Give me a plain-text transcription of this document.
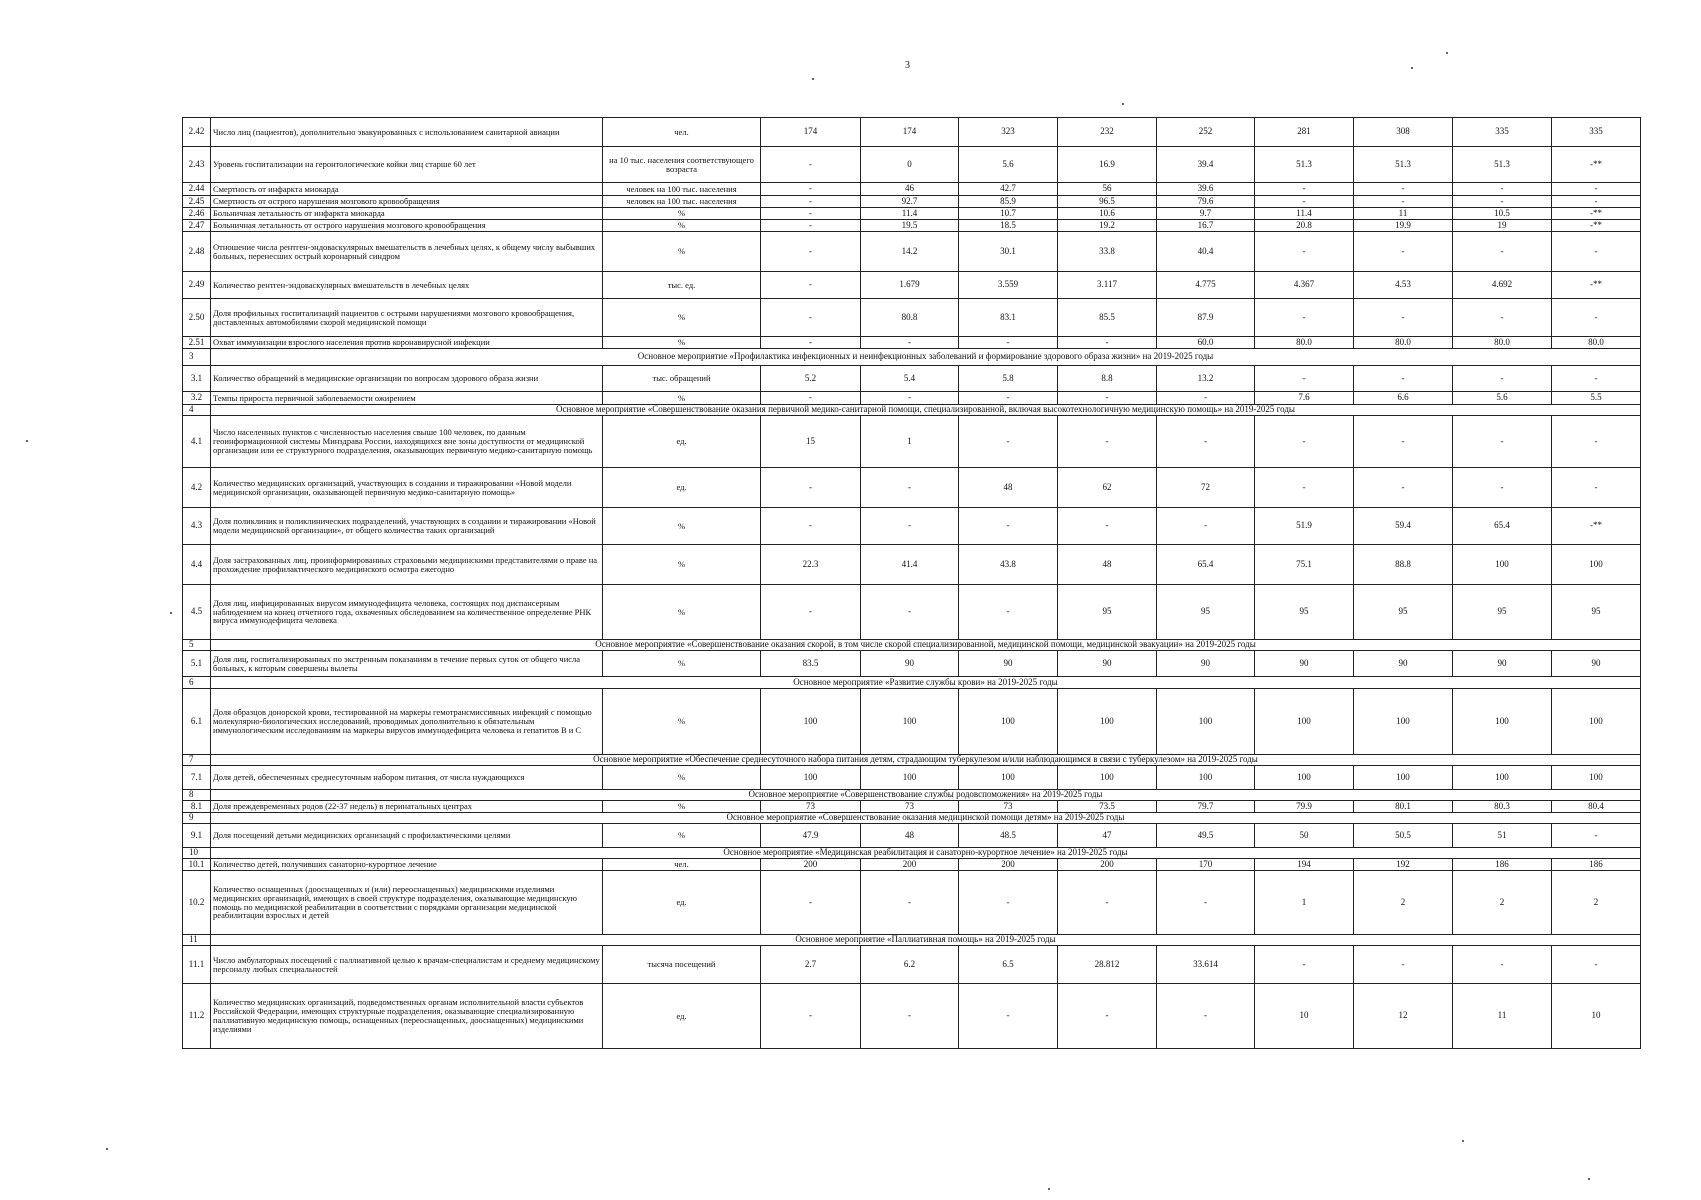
3
2.42	Число лиц (пациентов), дополнительно эвакуированных с использованием санитарной авиации	чел.	174	174	323	232	252	281	308	335	335
2.43	Уровень госпитализации на геронтологические койки лиц старше 60 лет	на 10 тыс. населения соответствующего возраста	-	0	5.6	16.9	39.4	51.3	51.3	51.3	-**
2.44	Смертность от инфаркта миокарда	человек на 100 тыс. населения	-	46	42.7	56	39.6	-	-	-	-
2.45	Смертность от острого нарушения мозгового кровообращения	человек на 100 тыс. населения	-	92.7	85.9	96.5	79.6	-	-	-	-
2.46	Больничная летальность от инфаркта миокарда	%	-	11.4	10.7	10.6	9.7	11.4	11	10.5	-**
2.47	Больничная летальность от острого нарушения мозгового кровообращения	%	-	19.5	18.5	19.2	16.7	20.8	19.9	19	-**
2.48	Отношение числа рентген-эндоваскулярных вмешательств в лечебных целях, к общему числу выбывших больных, перенесших острый коронарный синдром	%	-	14.2	30.1	33.8	40.4	-	-	-	-
2.49	Количество рентген-эндоваскулярных вмешательств в лечебных целях	тыс. ед.	-	1.679	3.559	3.117	4.775	4.367	4.53	4.692	-**
2.50	Доля профильных госпитализаций пациентов с острыми нарушениями мозгового кровообращения, доставленных автомобилями скорой медицинской помощи	%	-	80.8	83.1	85.5	87.9	-	-	-	-
2.51	Охват иммунизации взрослого населения против коронавирусной инфекции	%	-	-	-	-	60.0	80.0	80.0	80.0	80.0
3	Основное мероприятие «Профилактика инфекционных и неинфекционных заболеваний и формирование здорового образа жизни» на 2019-2025 годы										
3.1	Количество обращений в медицинские организации по вопросам здорового образа жизни	тыс. обращений	5.2	5.4	5.8	8.8	13.2	-	-	-	-
3.2	Темпы прироста первичной заболеваемости ожирением	%	-	-	-	-	-	7.6	6.6	5.6	5.5
4	Основное мероприятие «Совершенствование оказания первичной медико-санитарной помощи, специализированной, включая высокотехнологичную медицинскую помощь» на 2019-2025 годы										
4.1	Число населенных пунктов с численностью населения свыше 100 человек, по данным геоинформационной системы Минздрава России, находящихся вне зоны доступности от медицинской организации или ее структурного подразделения, оказывающих первичную медико-санитарную помощь	ед.	15	1	-	-	-	-	-	-	-
4.2	Количество медицинских организаций, участвующих в создании и тиражировании «Новой модели медицинской организации, оказывающей первичную медико-санитарную помощь»	ед.	-	-	48	62	72	-	-	-	-
4.3	Доля поликлиник и поликлинических подразделений, участвующих в создании и тиражировании «Новой модели медицинской организации», от общего количества таких организаций	%	-	-	-	-	-	51.9	59.4	65.4	-**
4.4	Доля застрахованных лиц, проинформированных страховыми медицинскими представителями о праве на прохождение профилактического медицинского осмотра ежегодно	%	22.3	41.4	43.8	48	65.4	75.1	88.8	100	100
4.5	Доля лиц, инфицированных вирусом иммунодефицита человека, состоящих под диспансерным наблюдением на конец отчетного года, охваченных обследованием на количественное определение РНК вируса иммунодефицита человека	%	-	-	-	95	95	95	95	95	95
5	Основное мероприятие «Совершенствование оказания скорой, в том числе скорой специализированной, медицинской помощи, медицинской эвакуации» на 2019-2025 годы										
5.1	Доля лиц, госпитализированных по экстренным показаниям в течение первых суток от общего числа больных, к которым совершены вылеты	%	83.5	90	90	90	90	90	90	90	90
6	Основное мероприятие «Развитие службы крови» на 2019-2025 годы										
6.1	Доля образцов донорской крови, тестированной на маркеры гемотрансмиссивных инфекций с помощью молекулярно-биологических исследований, проводимых дополнительно к обязательным иммунологическим исследованиям на маркеры вирусов иммунодефицита человека и гепатитов В и С	%	100	100	100	100	100	100	100	100	100
7	Основное мероприятие «Обеспечение среднесуточного набора питания детям, страдающим туберкулезом и/или наблюдающимся в связи с туберкулезом» на 2019-2025 годы										
7.1	Доля детей, обеспеченных среднесуточным набором питания, от числа нуждающихся	%	100	100	100	100	100	100	100	100	100
8	Основное мероприятие «Совершенствование службы родовспоможения» на 2019-2025 годы										
8.1	Доля преждевременных родов (22-37 недель) в перинатальных центрах	%	73	73	73	73.5	79.7	79.9	80.1	80.3	80.4
9	Основное мероприятие «Совершенствование оказания медицинской помощи детям» на 2019-2025 годы										
9.1	Доля посещений детьми медицинских организаций с профилактическими целями	%	47.9	48	48.5	47	49.5	50	50.5	51	-
10	Основное мероприятие «Медицинская реабилитация и санаторно-курортное лечение» на 2019-2025 годы										
10.1	Количество детей, получивших санаторно-курортное лечение	чел.	200	200	200	200	170	194	192	186	186
10.2	Количество оснащенных (дооснащенных и (или) переоснащенных) медицинскими изделиями медицинских организаций, имеющих в своей структуре подразделения, оказывающие медицинскую помощь по медицинской реабилитации в соответствии с порядками организации медицинской реабилитации взрослых и детей	ед.	-	-	-	-	-	1	2	2	2
11	Основное мероприятие «Паллиативная помощь» на 2019-2025 годы										
11.1	Число амбулаторных посещений с паллиативной целью к врачам-специалистам и среднему медицинскому персоналу любых специальностей	тысяча посещений	2.7	6.2	6.5	28.812	33.614	-	-	-	-
11.2	Количество медицинских организаций, подведомственных органам исполнительной власти субъектов Российской Федерации, имеющих структурные подразделения, оказывающие специализированную паллиативную медицинскую помощь, оснащенных (переоснащенных, дооснащенных) медицинскими изделиями	ед.	-	-	-	-	-	10	12	11	10
